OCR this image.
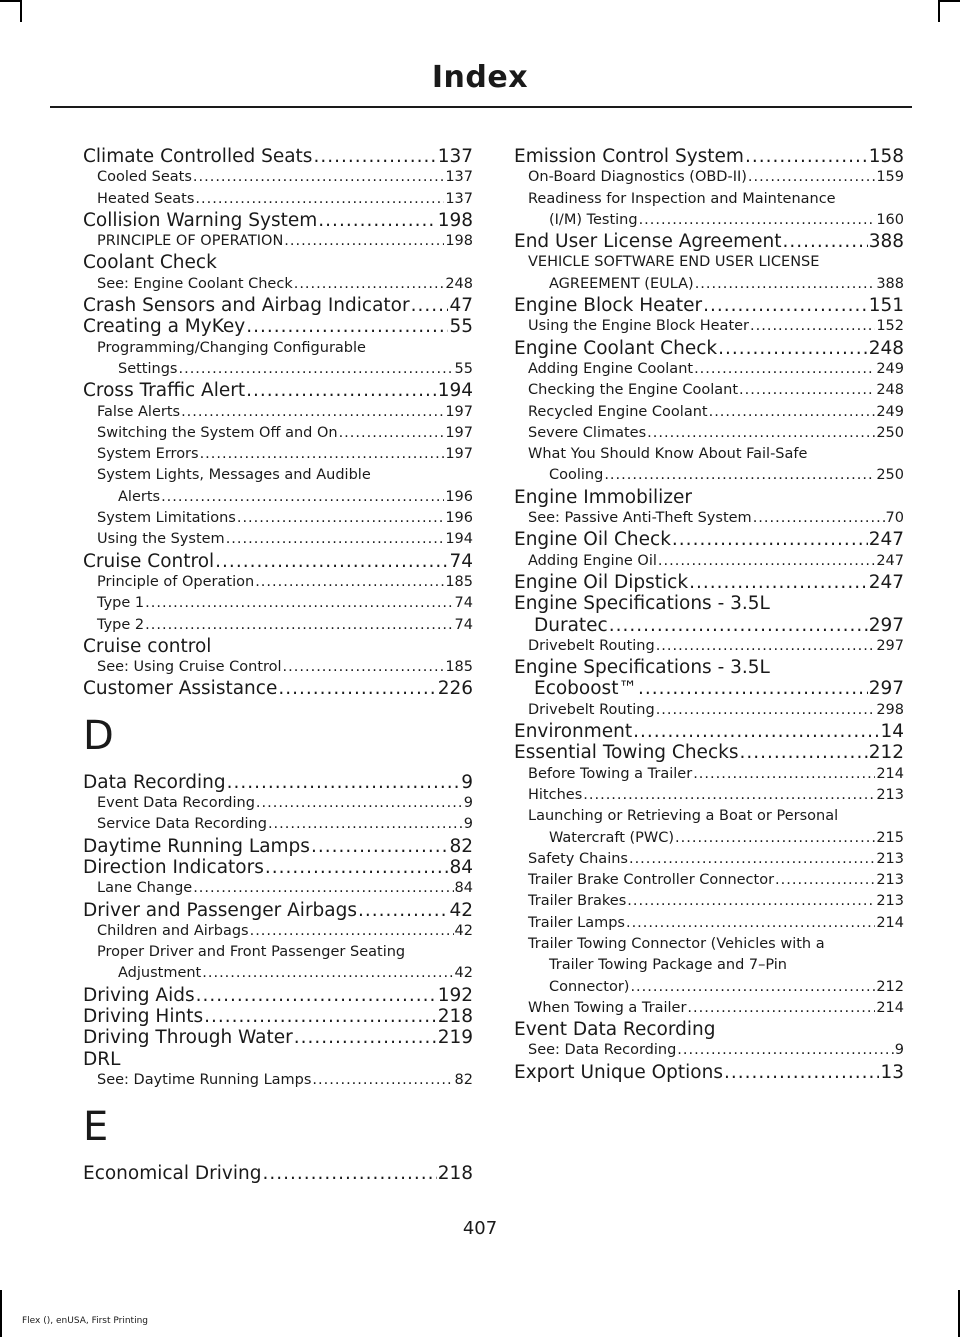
Index
Climate Controlled Seats .....	137
Cooled Seats .....	137
Heated Seats .....	137
Collision Warning System .....	198
PRINCIPLE OF OPERATION .....	198
Coolant Check
See: Engine Coolant Check .....	248
Crash Sensors and Airbag Indicator ..... 47
Creating a MyKey .....	55
Programming/Changing Configurable
Settings .....	55
Cross Traffic Alert .....	194
False Alerts .....	197
Switching the System Off and On .....	197
System Errors .....	197
System Lights, Messages and Audible
Alerts .....	196
System Limitations .....	196
Using the System .....	194
Cruise Control .....	74
Principle of Operation .....	185
Type 1 .....	74
Type 2 .....	74
Cruise control
See: Using Cruise Control .....	185
Customer Assistance .....	226
D
Data Recording .....	9
Event Data Recording .....	9
Service Data Recording .....	9
Daytime Running Lamps .....	82
Direction Indicators .....	84
Lane Change .....	84
Driver and Passenger Airbags .....	42
Children and Airbags .....	42
Proper Driver and Front Passenger Seating
Adjustment .....	42
Driving Aids .....	192
Driving Hints .....	218
Driving Through Water .....	219
DRL
See: Daytime Running Lamps .....	82
E
Economical Driving .....	218
Emission Control System .....	158
On-Board Diagnostics (OBD-II) .....	159
Readiness for Inspection and Maintenance
(I/M) Testing .....	160
End User License Agreement .....	388
VEHICLE SOFTWARE END USER LICENSE
AGREEMENT (EULA) .....	388
Engine Block Heater .....	151
Using the Engine Block Heater .....	152
Engine Coolant Check .....	248
Adding Engine Coolant .....	249
Checking the Engine Coolant .....	248
Recycled Engine Coolant .....	249
Severe Climates .....	250
What You Should Know About Fail-Safe
Cooling .....	250
Engine Immobilizer
See: Passive Anti-Theft System .....	70
Engine Oil Check .....	247
Adding Engine Oil .....	247
Engine Oil Dipstick .....	247
Engine Specifications - 3.5L
Duratec .....	297
Drivebelt Routing .....	297
Engine Specifications - 3.5L
Ecoboost™ .....	297
Drivebelt Routing .....	298
Environment .....	14
Essential Towing Checks .....	212
Before Towing a Trailer .....	214
Hitches .....	213
Launching or Retrieving a Boat or Personal
Watercraft (PWC) .....	215
Safety Chains .....	213
Trailer Brake Controller Connector .....	213
Trailer Brakes .....	213
Trailer Lamps .....	214
Trailer Towing Connector (Vehicles with a
Trailer Towing Package and 7–Pin
Connector) .....	212
When Towing a Trailer .....	214
Event Data Recording
See: Data Recording .....	9
Export Unique Options .....	13
407
Flex (), enUSA, First Printing
